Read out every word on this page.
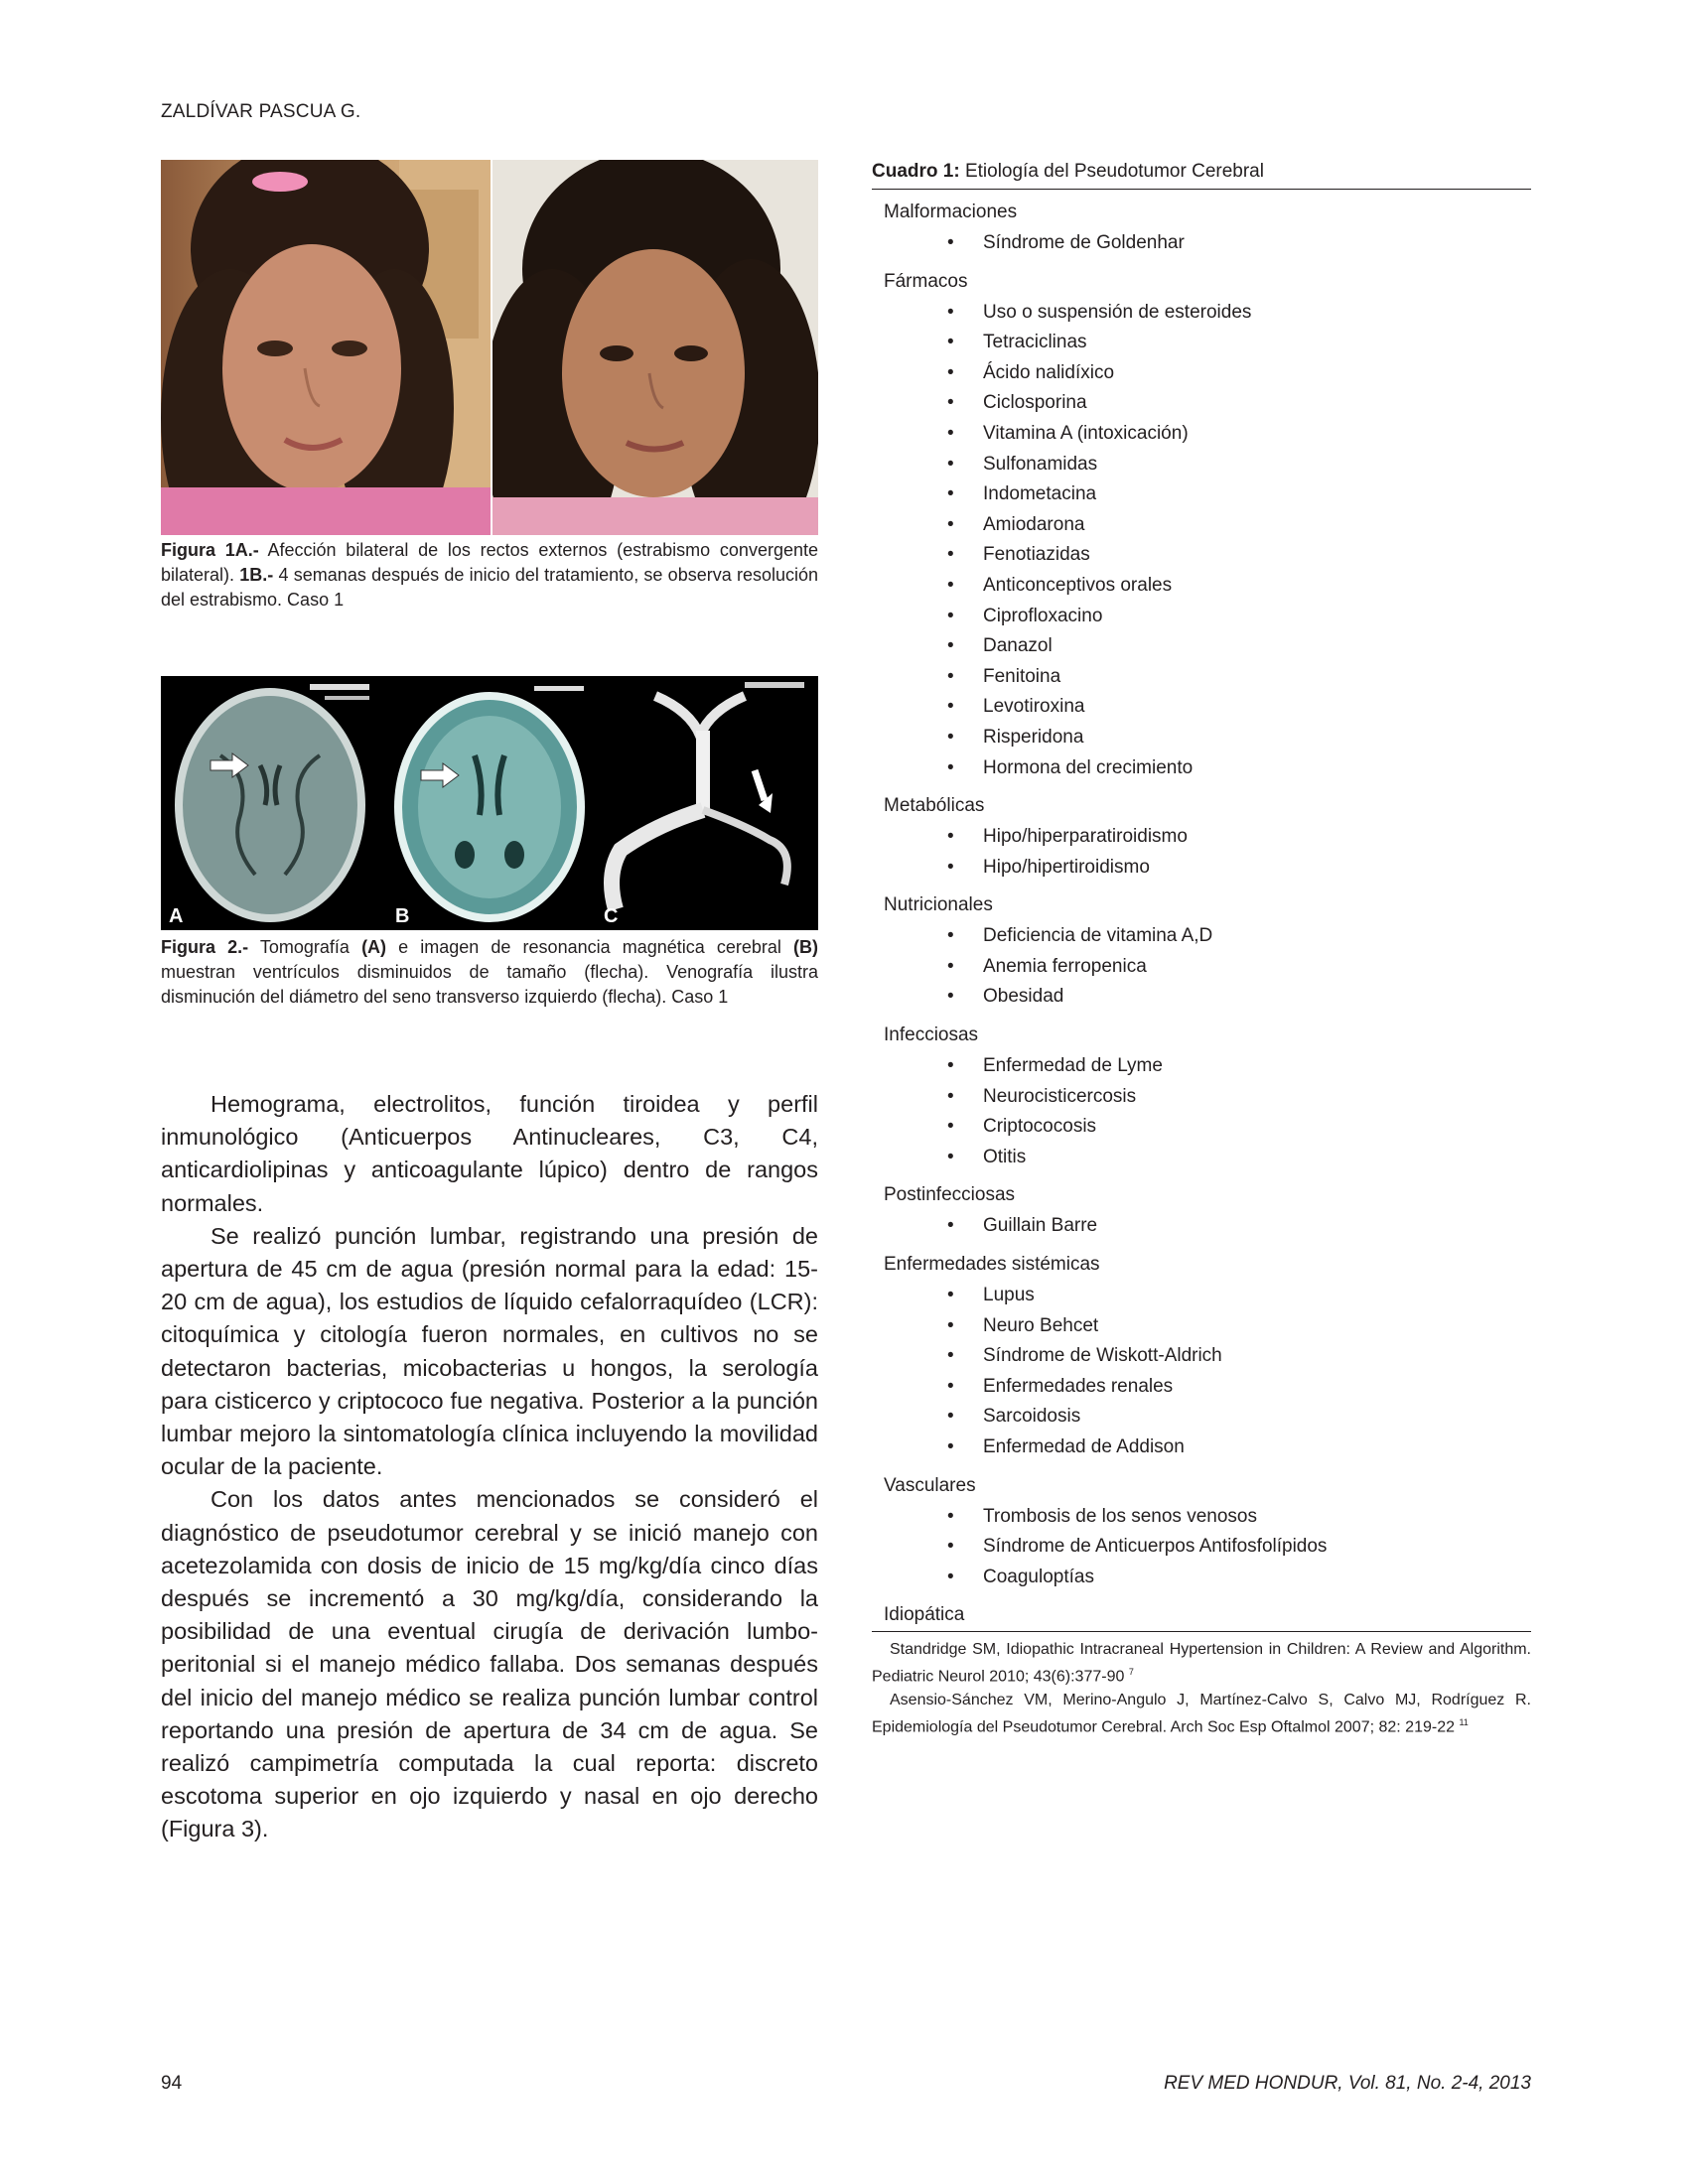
ZALDÍVAR PASCUA G.
Figura 1A.- Afección bilateral de los rectos externos (estrabismo convergente bilateral). 1B.- 4 semanas después de inicio del tratamiento, se observa resolución del estrabismo. Caso 1
A	B	C
Figura 2.- Tomografía (A) e imagen de resonancia magnética cerebral (B) muestran ventrículos disminuidos de tamaño (flecha). Venografía ilustra disminución del diámetro del seno transverso izquierdo (flecha). Caso 1

Hemograma, electrolitos, función tiroidea y perfil inmunológico (Anticuerpos Antinucleares, C3, C4, anticardiolipinas y anticoagulante lúpico) dentro de rangos normales.

Se realizó punción lumbar, registrando una presión de apertura de 45 cm de agua (presión normal para la edad: 15-20 cm de agua), los estudios de líquido cefalorraquídeo (LCR): citoquímica y citología fueron normales, en cultivos no se detectaron bacterias, micobacterias u hongos, la serología para cisticerco y criptococo fue negativa. Posterior a la punción lumbar mejoro la sintomatología clínica incluyendo la movilidad ocular de la paciente.

Con los datos antes mencionados se consideró el diagnóstico de pseudotumor cerebral y se inició manejo con acetezolamida con dosis de inicio de 15 mg/kg/día cinco días después se incrementó a 30 mg/kg/día, considerando la posibilidad de una eventual cirugía de derivación lumbo-peritonial si el manejo médico fallaba. Dos semanas después del inicio del manejo médico se realiza punción lumbar control reportando una presión de apertura de 34 cm de agua. Se realizó campimetría computada la cual reporta: discreto escotoma superior en ojo izquierdo y nasal en ojo derecho (Figura 3).

Cuadro 1: Etiología del Pseudotumor Cerebral
Malformaciones
• Síndrome de Goldenhar
Fármacos
• Uso o suspensión de esteroides
• Tetraciclinas
• Ácido nalidíxico
• Ciclosporina
• Vitamina A (intoxicación)
• Sulfonamidas
• Indometacina
• Amiodarona
• Fenotiazidas
• Anticonceptivos orales
• Ciprofloxacino
• Danazol
• Fenitoina
• Levotiroxina
• Risperidona
• Hormona del crecimiento
Metabólicas
• Hipo/hiperparatiroidismo
• Hipo/hipertiroidismo
Nutricionales
• Deficiencia de vitamina A,D
• Anemia ferropenica
• Obesidad
Infecciosas
• Enfermedad de Lyme
• Neurocisticercosis
• Criptococosis
• Otitis
Postinfecciosas
• Guillain Barre
Enfermedades sistémicas
• Lupus
• Neuro Behcet
• Síndrome de Wiskott-Aldrich
• Enfermedades renales
• Sarcoidosis
• Enfermedad de Addison
Vasculares
• Trombosis de los senos venosos
• Síndrome de Anticuerpos Antifosfolípidos
• Coaguloptías
Idiopática

Standridge SM, Idiopathic Intracraneal Hypertension in Children: A Review and Algorithm. Pediatric Neurol 2010; 43(6):377-90 $^7$

Asensio-Sánchez VM, Merino-Angulo J, Martínez-Calvo S, Calvo MJ, Rodríguez R. Epidemiología del Pseudotumor Cerebral. Arch Soc Esp Oftalmol 2007; 82: 219-22 $^{11}$

94	REV MED HONDUR, Vol. 81, No. 2-4, 2013
